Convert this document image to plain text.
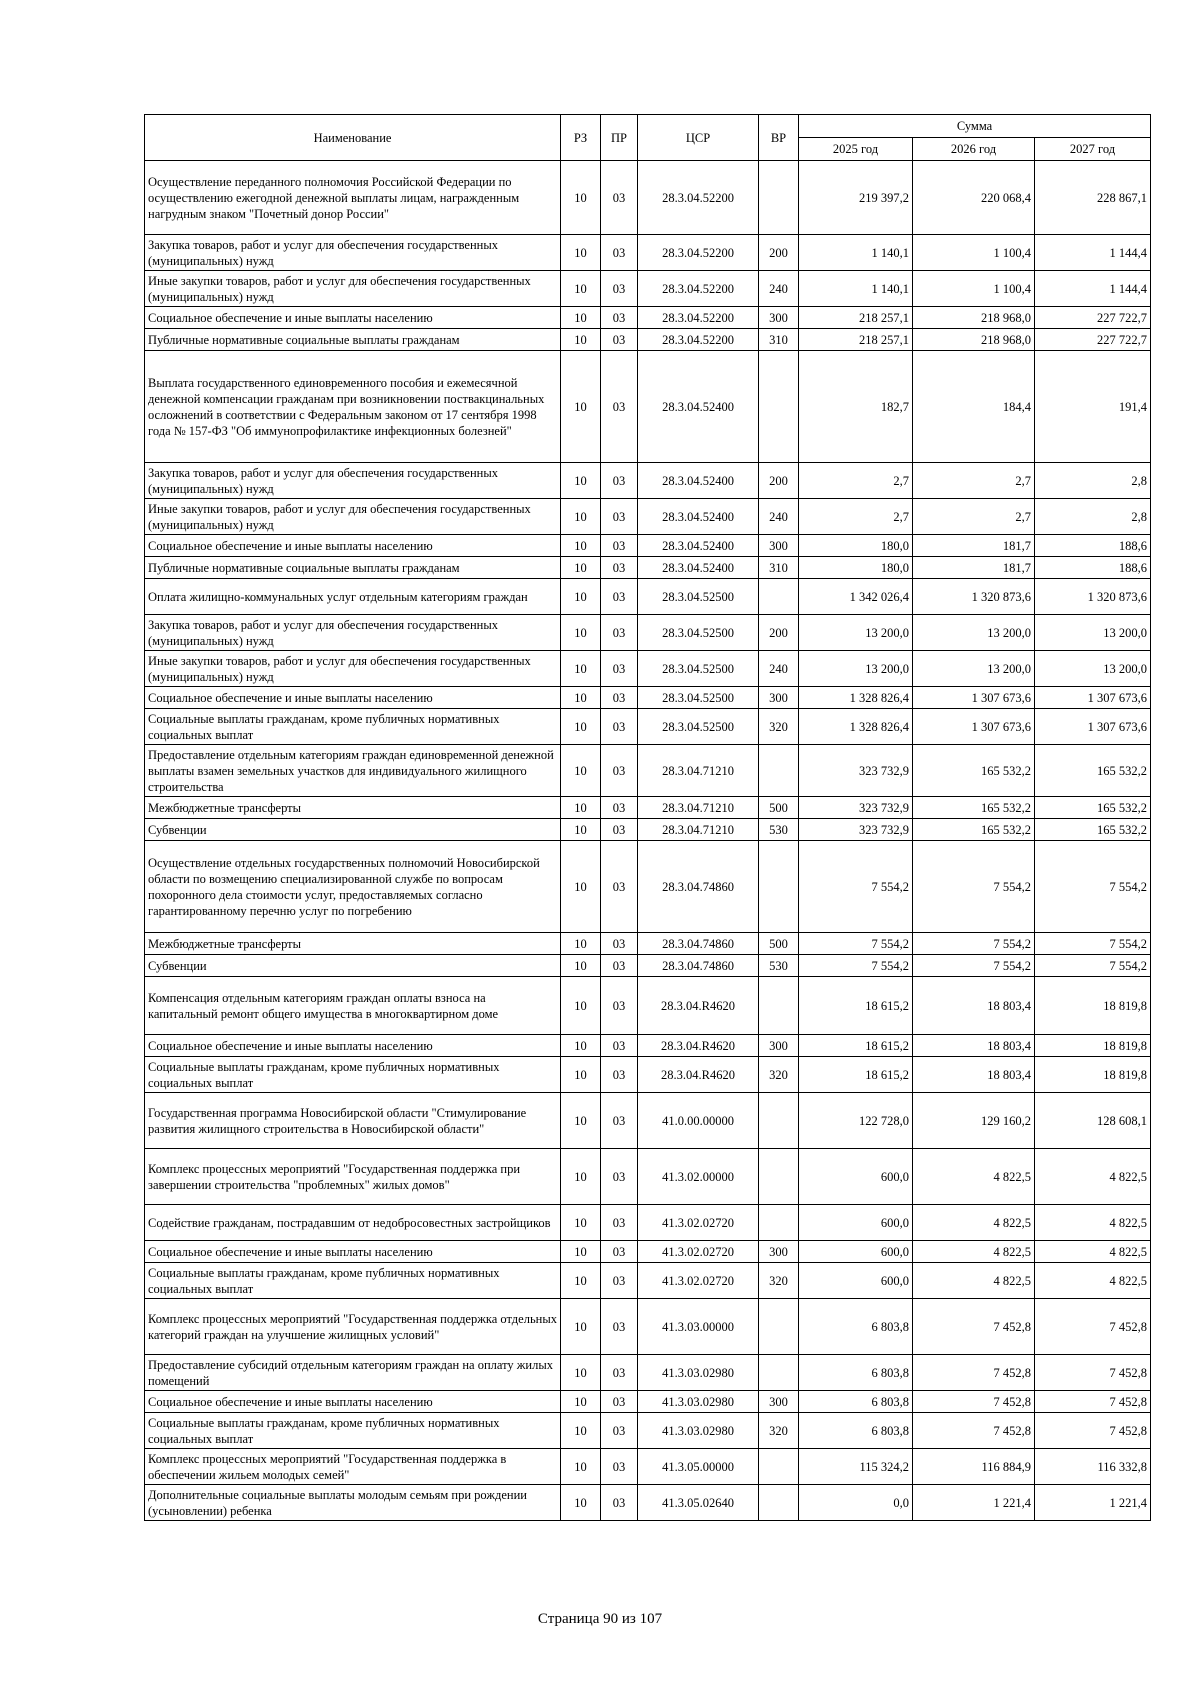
Наименование	РЗ	ПР	ЦСР	ВР	Сумма		
					2025 год	2026 год	2027 год
Осуществление переданного полномочия Российской Федерации по осуществлению ежегодной денежной выплаты лицам, награжденным нагрудным знаком "Почетный донор России"	10	03	28.3.04.52200		219 397,2	220 068,4	228 867,1
Закупка товаров, работ и услуг для обеспечения государственных (муниципальных) нужд	10	03	28.3.04.52200	200	1 140,1	1 100,4	1 144,4
Иные закупки товаров, работ и услуг для обеспечения государственных (муниципальных) нужд	10	03	28.3.04.52200	240	1 140,1	1 100,4	1 144,4
Социальное обеспечение и иные выплаты населению	10	03	28.3.04.52200	300	218 257,1	218 968,0	227 722,7
Публичные нормативные социальные выплаты гражданам	10	03	28.3.04.52200	310	218 257,1	218 968,0	227 722,7
Выплата государственного единовременного пособия и ежемесячной денежной компенсации гражданам при возникновении поствакцинальных осложнений в соответствии с Федеральным законом от 17 сентября 1998 года № 157-ФЗ "Об иммунопрофилактике инфекционных болезней"	10	03	28.3.04.52400		182,7	184,4	191,4
Закупка товаров, работ и услуг для обеспечения государственных (муниципальных) нужд	10	03	28.3.04.52400	200	2,7	2,7	2,8
Иные закупки товаров, работ и услуг для обеспечения государственных (муниципальных) нужд	10	03	28.3.04.52400	240	2,7	2,7	2,8
Социальное обеспечение и иные выплаты населению	10	03	28.3.04.52400	300	180,0	181,7	188,6
Публичные нормативные социальные выплаты гражданам	10	03	28.3.04.52400	310	180,0	181,7	188,6
Оплата жилищно-коммунальных услуг отдельным категориям граждан	10	03	28.3.04.52500		1 342 026,4	1 320 873,6	1 320 873,6
Закупка товаров, работ и услуг для обеспечения государственных (муниципальных) нужд	10	03	28.3.04.52500	200	13 200,0	13 200,0	13 200,0
Иные закупки товаров, работ и услуг для обеспечения государственных (муниципальных) нужд	10	03	28.3.04.52500	240	13 200,0	13 200,0	13 200,0
Социальное обеспечение и иные выплаты населению	10	03	28.3.04.52500	300	1 328 826,4	1 307 673,6	1 307 673,6
Социальные выплаты гражданам, кроме публичных нормативных социальных выплат	10	03	28.3.04.52500	320	1 328 826,4	1 307 673,6	1 307 673,6
Предоставление отдельным категориям граждан единовременной денежной выплаты взамен земельных участков для индивидуального жилищного строительства	10	03	28.3.04.71210		323 732,9	165 532,2	165 532,2
Межбюджетные трансферты	10	03	28.3.04.71210	500	323 732,9	165 532,2	165 532,2
Субвенции	10	03	28.3.04.71210	530	323 732,9	165 532,2	165 532,2
Осуществление отдельных государственных полномочий Новосибирской области по возмещению специализированной службе по вопросам похоронного дела стоимости услуг, предоставляемых согласно гарантированному перечню услуг по погребению	10	03	28.3.04.74860		7 554,2	7 554,2	7 554,2
Межбюджетные трансферты	10	03	28.3.04.74860	500	7 554,2	7 554,2	7 554,2
Субвенции	10	03	28.3.04.74860	530	7 554,2	7 554,2	7 554,2
Компенсация отдельным категориям граждан оплаты взноса на капитальный ремонт общего имущества в многоквартирном доме	10	03	28.3.04.R4620		18 615,2	18 803,4	18 819,8
Социальное обеспечение и иные выплаты населению	10	03	28.3.04.R4620	300	18 615,2	18 803,4	18 819,8
Социальные выплаты гражданам, кроме публичных нормативных социальных выплат	10	03	28.3.04.R4620	320	18 615,2	18 803,4	18 819,8
Государственная программа Новосибирской области "Стимулирование развития жилищного строительства в Новосибирской области"	10	03	41.0.00.00000		122 728,0	129 160,2	128 608,1
Комплекс процессных мероприятий "Государственная поддержка при завершении строительства "проблемных" жилых домов"	10	03	41.3.02.00000		600,0	4 822,5	4 822,5
Содействие гражданам, пострадавшим от недобросовестных застройщиков	10	03	41.3.02.02720		600,0	4 822,5	4 822,5
Социальное обеспечение и иные выплаты населению	10	03	41.3.02.02720	300	600,0	4 822,5	4 822,5
Социальные выплаты гражданам, кроме публичных нормативных социальных выплат	10	03	41.3.02.02720	320	600,0	4 822,5	4 822,5
Комплекс процессных мероприятий "Государственная поддержка отдельных категорий граждан на улучшение жилищных условий"	10	03	41.3.03.00000		6 803,8	7 452,8	7 452,8
Предоставление субсидий отдельным категориям граждан на оплату жилых помещений	10	03	41.3.03.02980		6 803,8	7 452,8	7 452,8
Социальное обеспечение и иные выплаты населению	10	03	41.3.03.02980	300	6 803,8	7 452,8	7 452,8
Социальные выплаты гражданам, кроме публичных нормативных социальных выплат	10	03	41.3.03.02980	320	6 803,8	7 452,8	7 452,8
Комплекс процессных мероприятий "Государственная поддержка в обеспечении жильем молодых семей"	10	03	41.3.05.00000		115 324,2	116 884,9	116 332,8
Дополнительные социальные выплаты молодым семьям при рождении (усыновлении) ребенка	10	03	41.3.05.02640		0,0	1 221,4	1 221,4
Страница 90 из 107
